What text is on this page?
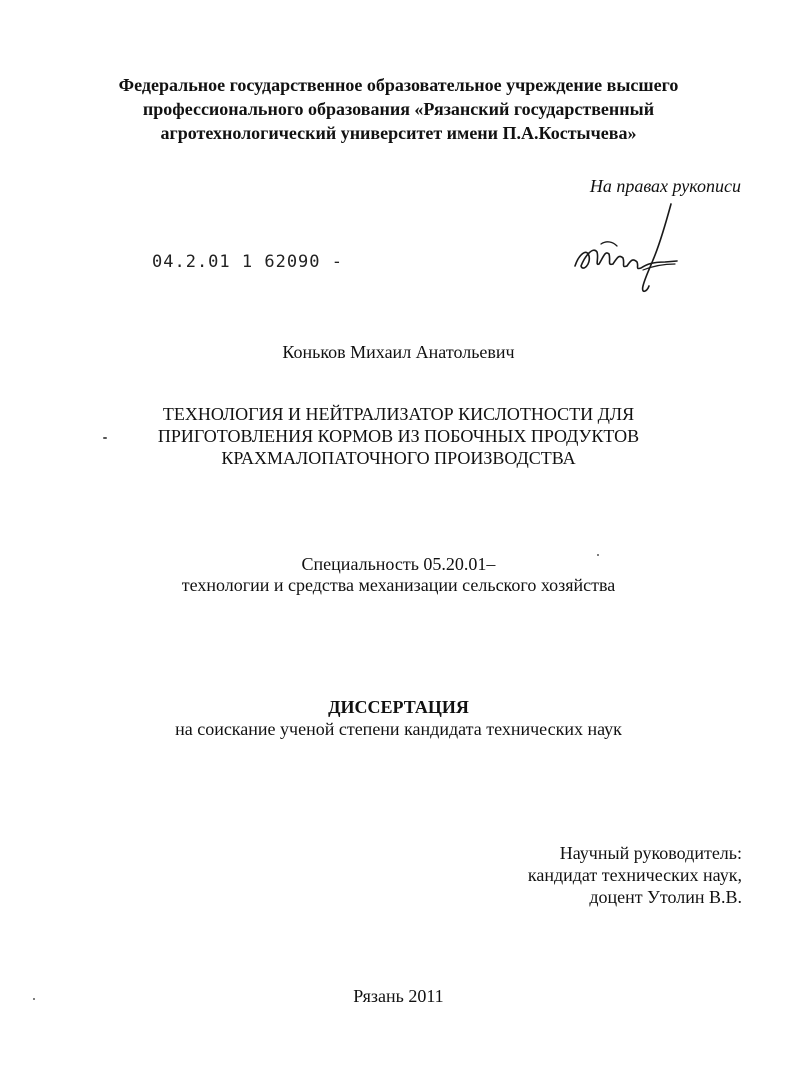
Федеральное государственное образовательное учреждение высшего
профессионального образования «Рязанский государственный
агротехнологический университет имени П.А.Костычева»
На правах рукописи
04.2.01 1 62090 -
Коньков Михаил Анатольевич
ТЕХНОЛОГИЯ И НЕЙТРАЛИЗАТОР КИСЛОТНОСТИ ДЛЯ
ПРИГОТОВЛЕНИЯ КОРМОВ ИЗ ПОБОЧНЫХ ПРОДУКТОВ
КРАХМАЛОПАТОЧНОГО ПРОИЗВОДСТВА
Специальность 05.20.01–
технологии и средства механизации сельского хозяйства
ДИССЕРТАЦИЯ
на соискание ученой степени кандидата технических наук
Научный руководитель:
кандидат технических наук,
доцент Утолин В.В.
Рязань 2011
